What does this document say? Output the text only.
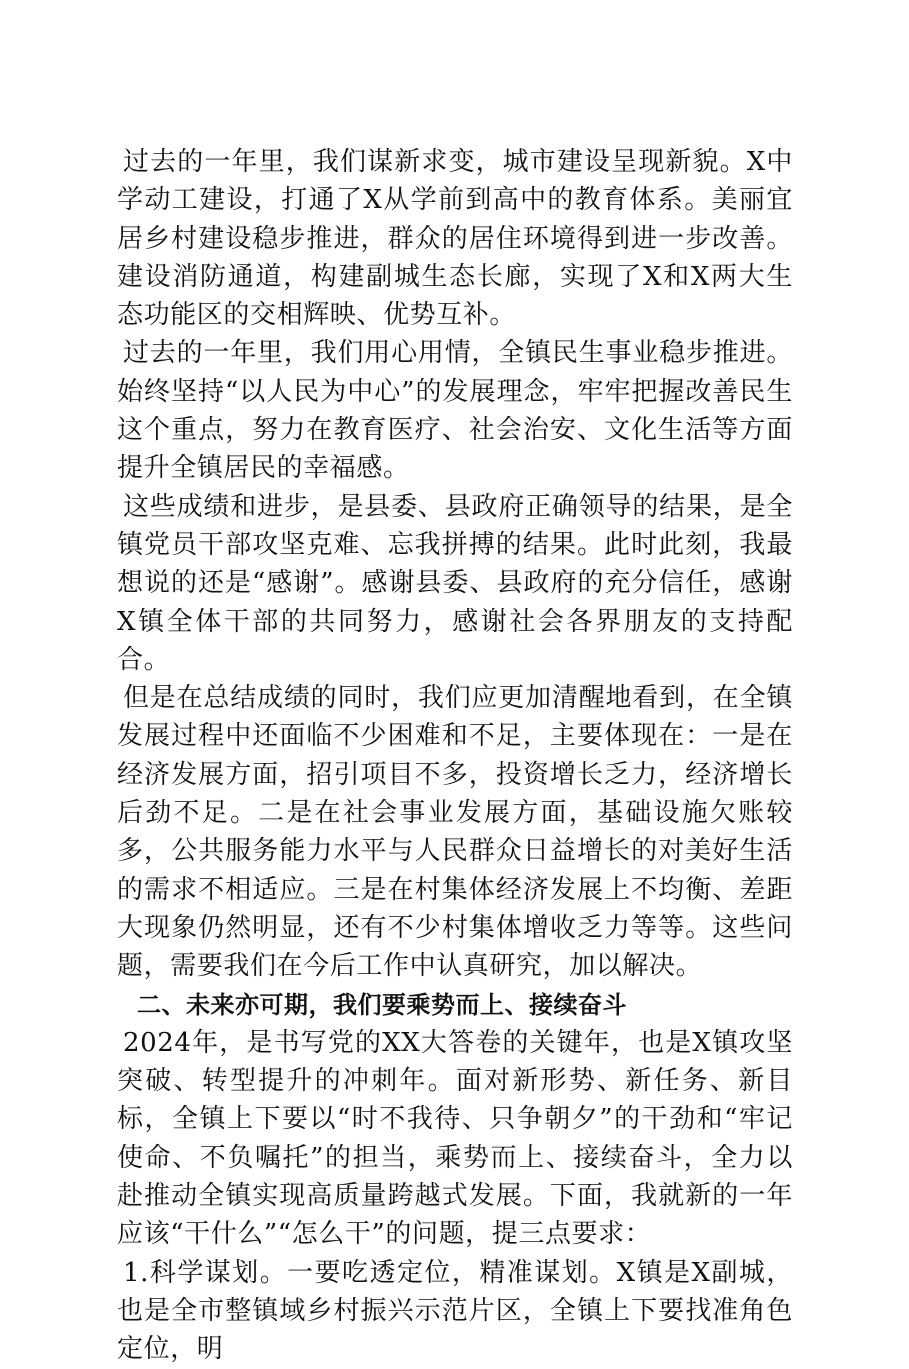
过去的一年里，我们谋新求变，城市建设呈现新貌。X中学动工建设，打通了X从学前到高中的教育体系。美丽宜居乡村建设稳步推进，群众的居住环境得到进一步改善。建设消防通道，构建副城生态长廊，实现了X和X两大生态功能区的交相辉映、优势互补。

过去的一年里，我们用心用情，全镇民生事业稳步推进。始终坚持“以人民为中心”的发展理念，牢牢把握改善民生这个重点，努力在教育医疗、社会治安、文化生活等方面提升全镇居民的幸福感。

这些成绩和进步，是县委、县政府正确领导的结果，是全镇党员干部攻坚克难、忘我拼搏的结果。此时此刻，我最想说的还是“感谢”。感谢县委、县政府的充分信任，感谢X镇全体干部的共同努力，感谢社会各界朋友的支持配合。

但是在总结成绩的同时，我们应更加清醒地看到，在全镇发展过程中还面临不少困难和不足，主要体现在：一是在经济发展方面，招引项目不多，投资增长乏力，经济增长后劲不足。二是在社会事业发展方面，基础设施欠账较多，公共服务能力水平与人民群众日益增长的对美好生活的需求不相适应。三是在村集体经济发展上不均衡、差距大现象仍然明显，还有不少村集体增收乏力等等。这些问题，需要我们在今后工作中认真研究，加以解决。

二、未来亦可期，我们要乘势而上、接续奋斗

2024年，是书写党的XX大答卷的关键年，也是X镇攻坚突破、转型提升的冲刺年。面对新形势、新任务、新目标，全镇上下要以“时不我待、只争朝夕”的干劲和“牢记使命、不负嘱托”的担当，乘势而上、接续奋斗，全力以赴推动全镇实现高质量跨越式发展。下面，我就新的一年应该“干什么”“怎么干”的问题，提三点要求：

1.科学谋划。一要吃透定位，精准谋划。X镇是X副城，也是全市整镇域乡村振兴示范片区，全镇上下要找准角色定位，明
